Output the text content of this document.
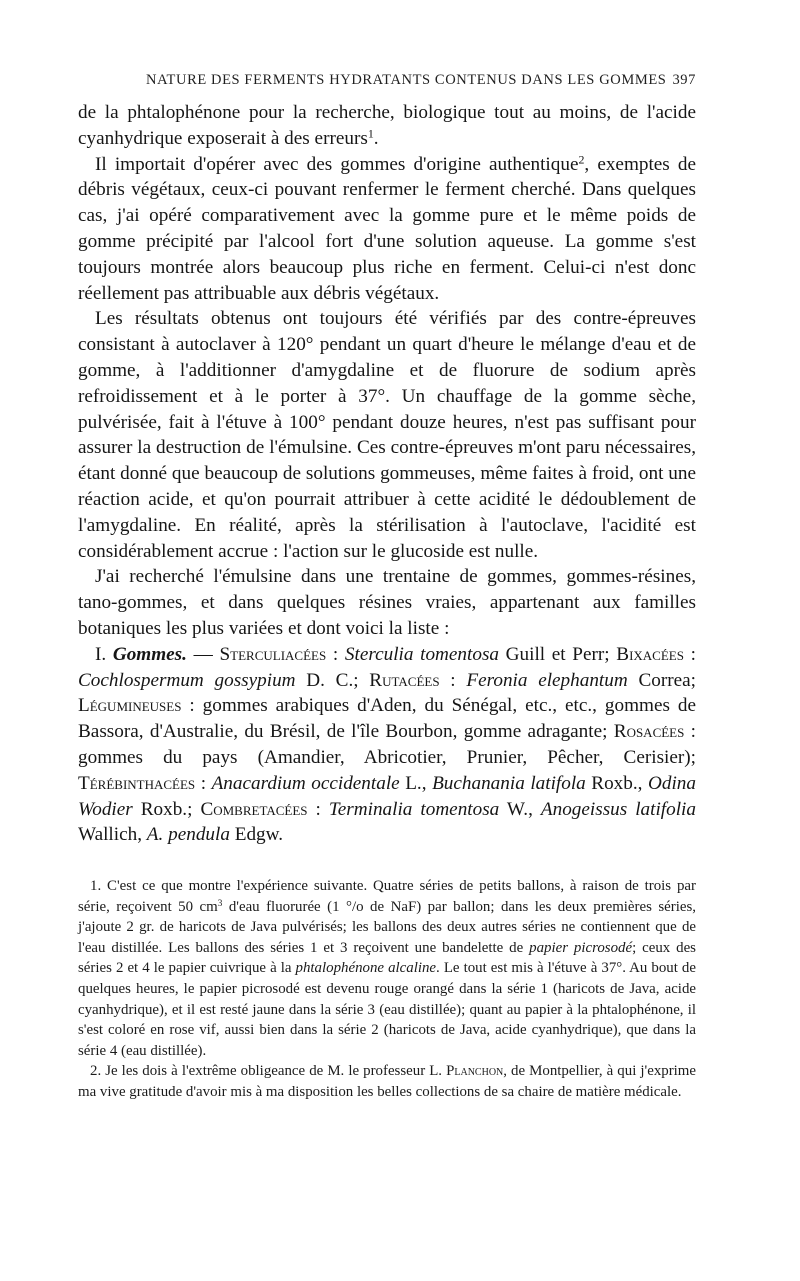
NATURE DES FERMENTS HYDRATANTS CONTENUS DANS LES GOMMES 397

de la phtalophénone pour la recherche, biologique tout au moins, de l'acide cyanhydrique exposerait à des erreurs$^1$.

Il importait d'opérer avec des gommes d'origine authentique$^2$, exemptes de débris végétaux, ceux-ci pouvant renfermer le ferment cherché. Dans quelques cas, j'ai opéré comparativement avec la gomme pure et le même poids de gomme précipité par l'alcool fort d'une solution aqueuse. La gomme s'est toujours montrée alors beaucoup plus riche en ferment. Celui-ci n'est donc réellement pas attribuable aux débris végétaux.

Les résultats obtenus ont toujours été vérifiés par des contre-épreuves consistant à autoclaver à 120° pendant un quart d'heure le mélange d'eau et de gomme, à l'additionner d'amygdaline et de fluorure de sodium après refroidissement et à le porter à 37°. Un chauffage de la gomme sèche, pulvérisée, fait à l'étuve à 100° pendant douze heures, n'est pas suffisant pour assurer la destruction de l'émulsine. Ces contre-épreuves m'ont paru nécessaires, étant donné que beaucoup de solutions gommeuses, même faites à froid, ont une réaction acide, et qu'on pourrait attribuer à cette acidité le dédoublement de l'amygdaline. En réalité, après la stérilisation à l'autoclave, l'acidité est considérablement accrue : l'action sur le glucoside est nulle.

J'ai recherché l'émulsine dans une trentaine de gommes, gommes-résines, tano-gommes, et dans quelques résines vraies, appartenant aux familles botaniques les plus variées et dont voici la liste :

I. Gommes. — Sterculiacées : Sterculia tomentosa Guill et Perr; Bixacées : Cochlospermum gossypium D. C.; Rutacées : Feronia elephantum Correa; Légumineuses : gommes arabiques d'Aden, du Sénégal, etc., etc., gommes de Bassora, d'Australie, du Brésil, de l'île Bourbon, gomme adragante; Rosacées : gommes du pays (Amandier, Abricotier, Prunier, Pêcher, Cerisier); Térébinthacées : Anacardium occidentale L., Buchanania latifola Roxb., Odina Wodier Roxb.; Combretacées : Terminalia tomentosa W., Anogeissus latifolia Wallich, A. pendula Edgw.

1. C'est ce que montre l'expérience suivante. Quatre séries de petits ballons, à raison de trois par série, reçoivent 50 $cm^3$ d'eau fluorurée (1 °/o de NaF) par ballon; dans les deux premières séries, j'ajoute 2 gr. de haricots de Java pulvérisés; les ballons des deux autres séries ne contiennent que de l'eau distillée. Les ballons des séries 1 et 3 reçoivent une bandelette de papier picrosodé; ceux des séries 2 et 4 le papier cuivrique à la phtalophénone alcaline. Le tout est mis à l'étuve à 37°. Au bout de quelques heures, le papier picrosodé est devenu rouge orangé dans la série 1 (haricots de Java, acide cyanhydrique), et il est resté jaune dans la série 3 (eau distillée); quant au papier à la phtalophénone, il s'est coloré en rose vif, aussi bien dans la série 2 (haricots de Java, acide cyanhydrique), que dans la série 4 (eau distillée).

2. Je les dois à l'extrême obligeance de M. le professeur L. Planchon, de Montpellier, à qui j'exprime ma vive gratitude d'avoir mis à ma disposition les belles collections de sa chaire de matière médicale.
